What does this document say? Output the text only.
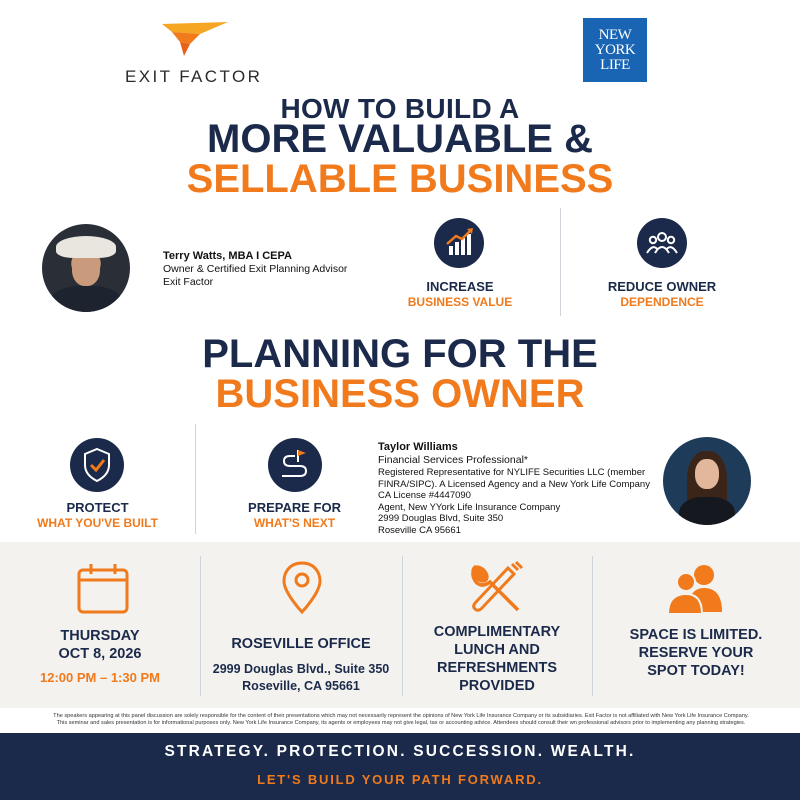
EXIT FACTOR
NEW
YORK
LIFE
HOW TO BUILD A
MORE VALUABLE &
SELLABLE BUSINESS
Terry Watts, MBA I CEPA
Owner & Certified Exit Planning Advisor
Exit Factor	INCREASE
BUSINESS VALUE
REDUCE OWNER
DEPENDENCE
PLANNING FOR THE
BUSINESS OWNER
PROTECT
WHAT YOU'VE BUILT
PREPARE FOR
WHAT'S NEXT
Taylor Williams
Financial Services Professional*
Registered Representative for NYLIFE Securities LLC (member
FINRA/SIPC). A Licensed Agency and a New York Life Company
CA License #4447090
Agent, New YYork Life Insurance Company
2999 Douglas Blvd, Suite 350
Roseville CA 95661
THURSDAY
OCT 8, 2026
12:00 PM – 1:30 PM
ROSEVILLE OFFICE
2999 Douglas Blvd., Suite 350
Roseville, CA 95661
COMPLIMENTARY
LUNCH AND
REFRESHMENTS
PROVIDED
SPACE IS LIMITED.
RESERVE YOUR
SPOT TODAY!
The speakers appearing at this panel discussion are solely responsible for the content of their presentations which may not necessarily represent the opinions of New York Life Insurance Company or its subsidiaries. Exit Factor is not affiliated with New York Life Insurance Company.
This seminar and sales presentation is for informational purposes only. New York Life Insurance Company, its agents or employees may not give legal, tax or accounting advice. Attendees should consult their wn professional advisors prior to implementing any planning strategies.
STRATEGY. PROTECTION. SUCCESSION. WEALTH.
LET'S BUILD YOUR PATH FORWARD.
